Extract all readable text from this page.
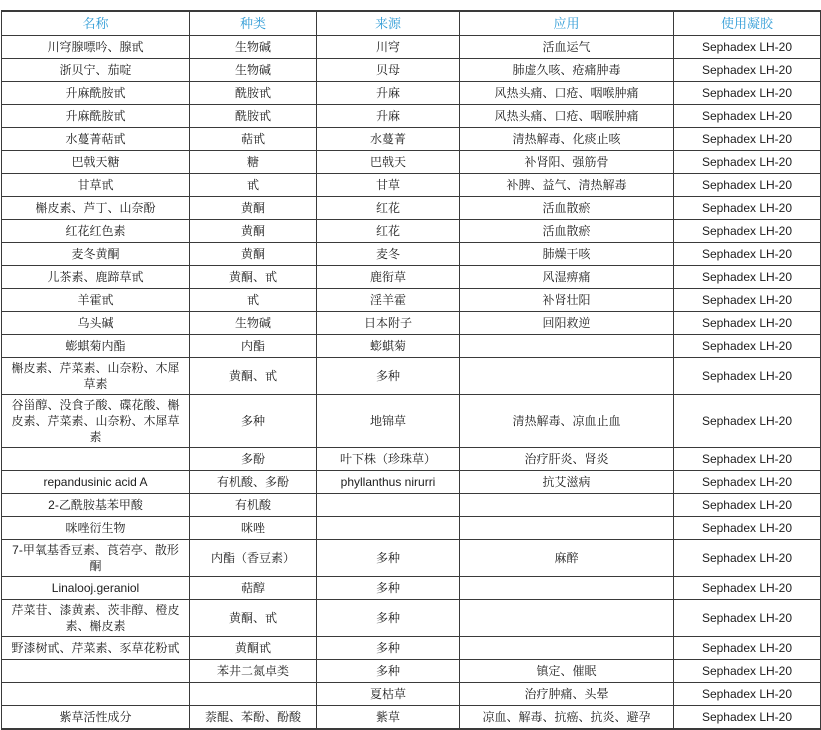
名称	种类	来源	应用	使用凝胶
川穹腺嘌吟、腺甙	生物碱	川穹	活血运气	Sephadex LH-20
浙贝宁、茄啶	生物碱	贝母	肺虚久咳、疮痛肿毒	Sephadex LH-20
升麻酰胺甙	酰胺甙	升麻	风热头痛、口疮、咽喉肿痛	Sephadex LH-20
升麻酰胺甙	酰胺甙	升麻	风热头痛、口疮、咽喉肿痛	Sephadex LH-20
水蔓菁萜甙	萜甙	水蔓菁	清热解毒、化痰止咳	Sephadex LH-20
巴戟天糖	糖	巴戟天	补肾阳、强筋骨	Sephadex LH-20
甘草甙	甙	甘草	补脾、益气、清热解毒	Sephadex LH-20
槲皮素、芦丁、山奈酚	黄酮	红花	活血散瘀	Sephadex LH-20
红花红色素	黄酮	红花	活血散瘀	Sephadex LH-20
麦冬黄酮	黄酮	麦冬	肺燥干咳	Sephadex LH-20
儿茶素、鹿蹄草甙	黄酮、甙	鹿衔草	风湿痹痛	Sephadex LH-20
羊霍甙	甙	淫羊霍	补肾壮阳	Sephadex LH-20
乌头碱	生物碱	日本附子	回阳救逆	Sephadex LH-20
蟛蜞菊内酯	内酯	蟛蜞菊		Sephadex LH-20
槲皮素、芹菜素、山奈粉、木犀草素	黄酮、甙	多种		Sephadex LH-20
谷甾醇、没食子酸、碟花酸、槲皮素、芹菜素、山奈粉、木犀草素	多种	地锦草	清热解毒、凉血止血	Sephadex LH-20
	多酚	叶下株（珍珠草）	治疗肝炎、肾炎	Sephadex LH-20
repandusinic acid A	有机酸、多酚	phyllanthus nirurri	抗艾滋病	Sephadex LH-20
2-乙酰胺基苯甲酸	有机酸			Sephadex LH-20
咪唑衍生物	咪唑			Sephadex LH-20
7-甲氧基香豆素、莨菪亭、散形酮	内酯（香豆素）	多种	麻醉	Sephadex LH-20
Linalooj.geraniol	萜醇	多种		Sephadex LH-20
芹菜苷、漆黄素、茨非醇、橙皮素、槲皮素	黄酮、甙	多种		Sephadex LH-20
野漆树甙、芹菜素、豕草花粉甙	黄酮甙	多种		Sephadex LH-20
	苯井二氮卓类	多种	镇定、催眠	Sephadex LH-20
		夏枯草	治疗肿痛、头晕	Sephadex LH-20
紫草活性成分	萘醌、苯酚、酚酸	紫草	凉血、解毒、抗癌、抗炎、避孕	Sephadex LH-20
